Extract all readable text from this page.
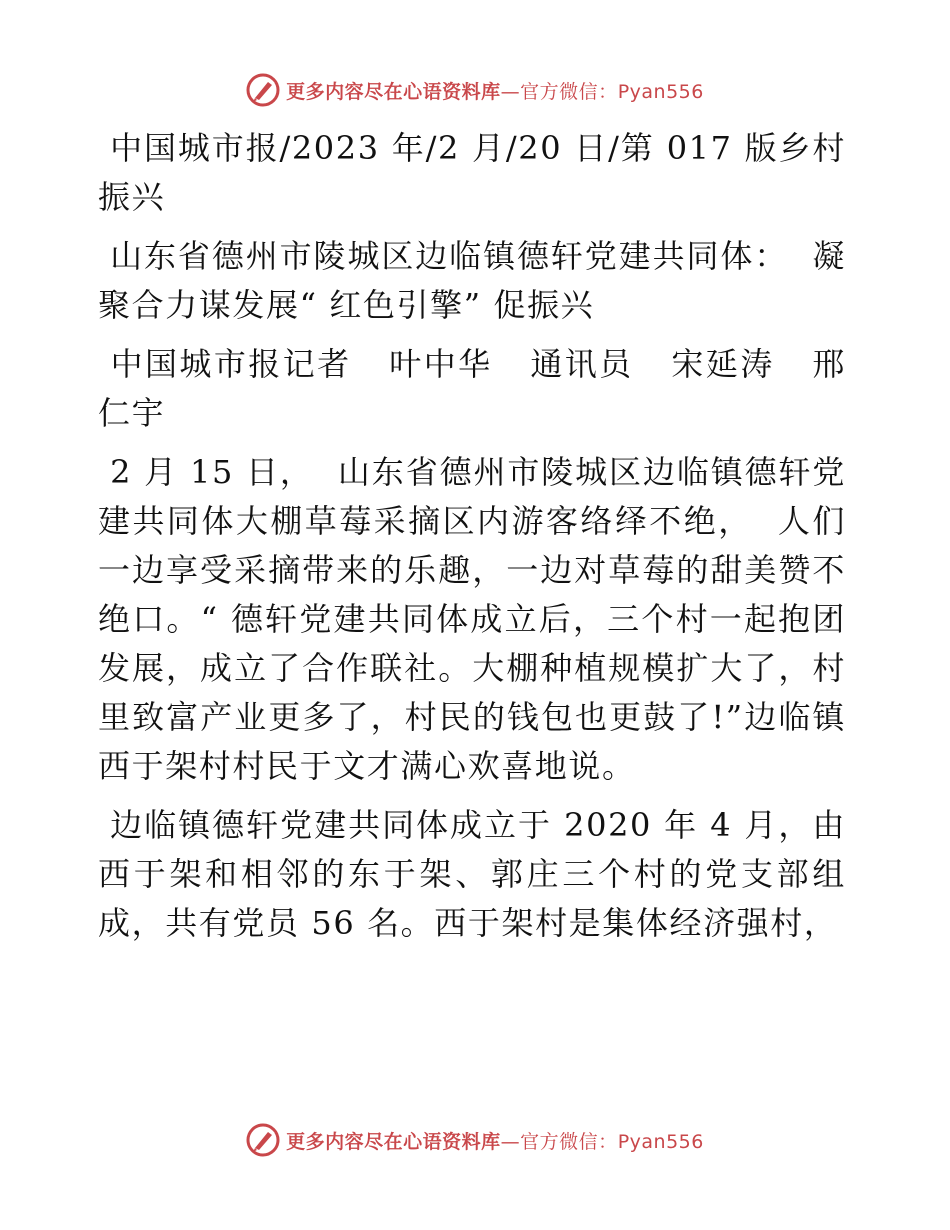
更多内容尽在心语资料库—官方微信：Pyan556

中国城市报/2023 年/2 月/20 日/第 017 版乡村振兴

山东省德州市陵城区边临镇德轩党建共同体：  凝聚合力谋发展“ 红色引擎” 促振兴

中国城市报记者   叶中华   通讯员   宋延涛   邢仁宇

2 月 15 日，  山东省德州市陵城区边临镇德轩党建共同体大棚草莓采摘区内游客络绎不绝，  人们一边享受采摘带来的乐趣，一边对草莓的甜美赞不绝口。“ 德轩党建共同体成立后，三个村一起抱团发展，成立了合作联社。大棚种植规模扩大了，村里致富产业更多了，村民的钱包也更鼓了!”边临镇西于架村村民于文才满心欢喜地说。

边临镇德轩党建共同体成立于 2020 年 4 月，由西于架和相邻的东于架、郭庄三个村的党支部组成，共有党员 56 名。西于架村是集体经济强村，

更多内容尽在心语资料库—官方微信：Pyan556
